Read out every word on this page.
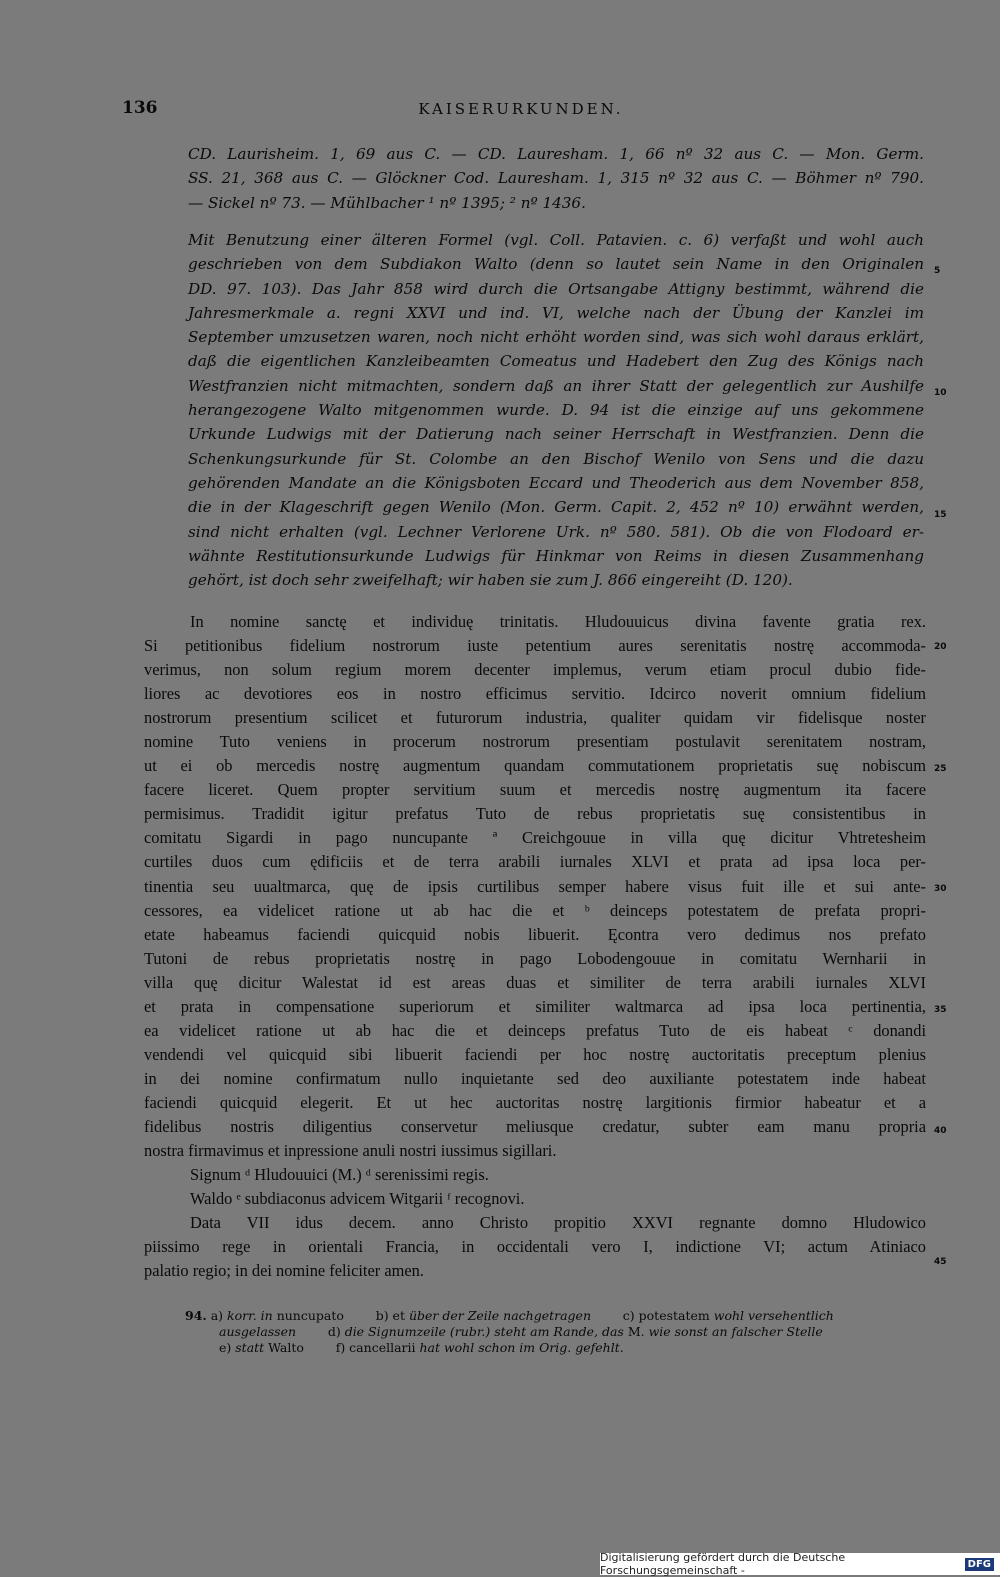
136	KAISERURKUNDEN.
CD. Laurisheim. 1, 69 aus C. — CD. Lauresham. 1, 66 nº 32 aus C. — Mon. Germ.
SS. 21, 368 aus C. — Glöckner Cod. Lauresham. 1, 315 nº 32 aus C. — Böhmer nº 790.
— Sickel nº 73. — Mühlbacher ¹ nº 1395; ² nº 1436.
Mit Benutzung einer älteren Formel (vgl. Coll. Patavien. c. 6) verfaßt und wohl auch
geschrieben von dem Subdiakon Walto (denn so lautet sein Name in den Originalen
DD. 97. 103). Das Jahr 858 wird durch die Ortsangabe Attigny bestimmt, während die
Jahresmerkmale a. regni XXVI und ind. VI, welche nach der Übung der Kanzlei im
September umzusetzen waren, noch nicht erhöht worden sind, was sich wohl daraus erklärt,
daß die eigentlichen Kanzleibeamten Comeatus und Hadebert den Zug des Königs nach
Westfranzien nicht mitmachten, sondern daß an ihrer Statt der gelegentlich zur Aushilfe
herangezogene Walto mitgenommen wurde. D. 94 ist die einzige auf uns gekommene
Urkunde Ludwigs mit der Datierung nach seiner Herrschaft in Westfranzien. Denn die
Schenkungsurkunde für St. Colombe an den Bischof Wenilo von Sens und die dazu
gehörenden Mandate an die Königsboten Eccard und Theoderich aus dem November 858,
die in der Klageschrift gegen Wenilo (Mon. Germ. Capit. 2, 452 nº 10) erwähnt werden,
sind nicht erhalten (vgl. Lechner Verlorene Urk. nº 580. 581). Ob die von Flodoard er-
wähnte Restitutionsurkunde Ludwigs für Hinkmar von Reims in diesen Zusammenhang
gehört, ist doch sehr zweifelhaft; wir haben sie zum J. 866 eingereiht (D. 120).
In nomine sanctę et individuę trinitatis. Hludouuicus divina favente gratia rex.
Si petitionibus fidelium nostrorum iuste petentium aures serenitatis nostrę accommoda-
verimus, non solum regium morem decenter implemus, verum etiam procul dubio fide-
liores ac devotiores eos in nostro efficimus servitio. Idcirco noverit omnium fidelium
nostrorum presentium scilicet et futurorum industria, qualiter quidam vir fidelisque noster
nomine Tuto veniens in procerum nostrorum presentiam postulavit serenitatem nostram,
ut ei ob mercedis nostrę augmentum quandam commutationem proprietatis suę nobiscum
facere liceret. Quem propter servitium suum et mercedis nostrę augmentum ita facere
permisimus. Tradidit igitur prefatus Tuto de rebus proprietatis suę consistentibus in
comitatu Sigardi in pago nuncupante ª Creichgouue in villa quę dicitur Vhtretesheim
curtiles duos cum ędificiis et de terra arabili iurnales XLVI et prata ad ipsa loca per-
tinentia seu uualtmarca, quę de ipsis curtilibus semper habere visus fuit ille et sui ante-
cessores, ea videlicet ratione ut ab hac die et ᵇ deinceps potestatem de prefata propri-
etate habeamus faciendi quicquid nobis libuerit. Ęcontra vero dedimus nos prefato
Tutoni de rebus proprietatis nostrę in pago Lobodengouue in comitatu Wernharii in
villa quę dicitur Walestat id est areas duas et similiter de terra arabili iurnales XLVI
et prata in compensatione superiorum et similiter waltmarca ad ipsa loca pertinentia,
ea videlicet ratione ut ab hac die et deinceps prefatus Tuto de eis habeat ᶜ donandi
vendendi vel quicquid sibi libuerit faciendi per hoc nostrę auctoritatis preceptum plenius
in dei nomine confirmatum nullo inquietante sed deo auxiliante potestatem inde habeat
faciendi quicquid elegerit. Et ut hec auctoritas nostrę largitionis firmior habeatur et a
fidelibus nostris diligentius conservetur meliusque credatur, subter eam manu propria
nostra firmavimus et inpressione anuli nostri iussimus sigillari.
Signum ᵈ Hludouuici (M.) ᵈ serenissimi regis.
Waldo ᵉ subdiaconus advicem Witgarii ᶠ recognovi.
Data VII idus decem. anno Christo propitio XXVI regnante domno Hludowico
piissimo rege in orientali Francia, in occidentali vero I, indictione VI; actum Atiniaco
palatio regio; in dei nomine feliciter amen.
5
10
15
20
25
30
35
40
45
94. a) korr. in nuncupato        b) et über der Zeile nachgetragen        c) potestatem wohl versehentlich
ausgelassen        d) die Signumzeile (rubr.) steht am Rande, das M. wie sonst an falscher Stelle
e) statt Walto        f) cancellarii hat wohl schon im Orig. gefehlt.
Digitalisierung gefördert durch die Deutsche Forschungsgemeinschaft -	DFG
